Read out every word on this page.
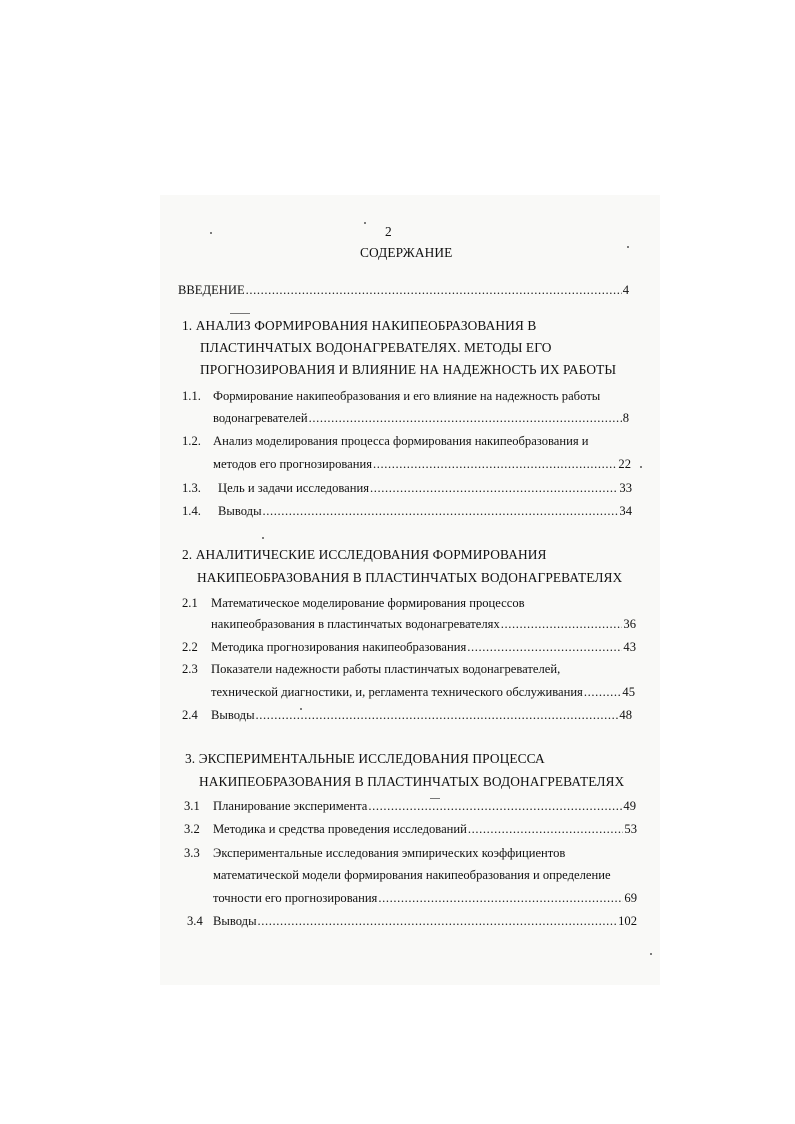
2
СОДЕРЖАНИЕ
ВВЕДЕНИЕ .....	4
1. АНАЛИЗ ФОРМИРОВАНИЯ НАКИПЕОБРАЗОВАНИЯ В
ПЛАСТИНЧАТЫХ ВОДОНАГРЕВАТЕЛЯХ. МЕТОДЫ ЕГО
ПРОГНОЗИРОВАНИЯ И ВЛИЯНИЕ НА НАДЕЖНОСТЬ ИХ РАБОТЫ
1.1. Формирование накипеобразования и его влияние на надежность работы
водонагревателей .....	8
1.2. Анализ моделирования процесса формирования накипеобразования и
методов его прогнозирования .....	22
1.3. Цель и задачи исследования .....	33
1.4. Выводы .....	34
2. АНАЛИТИЧЕСКИЕ ИССЛЕДОВАНИЯ ФОРМИРОВАНИЯ
НАКИПЕОБРАЗОВАНИЯ В ПЛАСТИНЧАТЫХ ВОДОНАГРЕВАТЕЛЯХ
2.1 Математическое моделирование формирования процессов
накипеобразования в пластинчатых водонагревателях .....	36
2.2 Методика прогнозирования накипеобразования .....	43
2.3 Показатели надежности работы пластинчатых водонагревателей,
технической диагностики, и, регламента технического обслуживания .....	45
2.4 Выводы .....	48
3. ЭКСПЕРИМЕНТАЛЬНЫЕ ИССЛЕДОВАНИЯ ПРОЦЕССА
НАКИПЕОБРАЗОВАНИЯ В ПЛАСТИНЧАТЫХ ВОДОНАГРЕВАТЕЛЯХ
3.1 Планирование эксперимента .....	49
3.2 Методика и средства проведения исследований .....	53
3.3 Экспериментальные исследования эмпирических коэффициентов
математической модели формирования накипеобразования и определение
точности его прогнозирования .....	69
3.4 Выводы .....	102
